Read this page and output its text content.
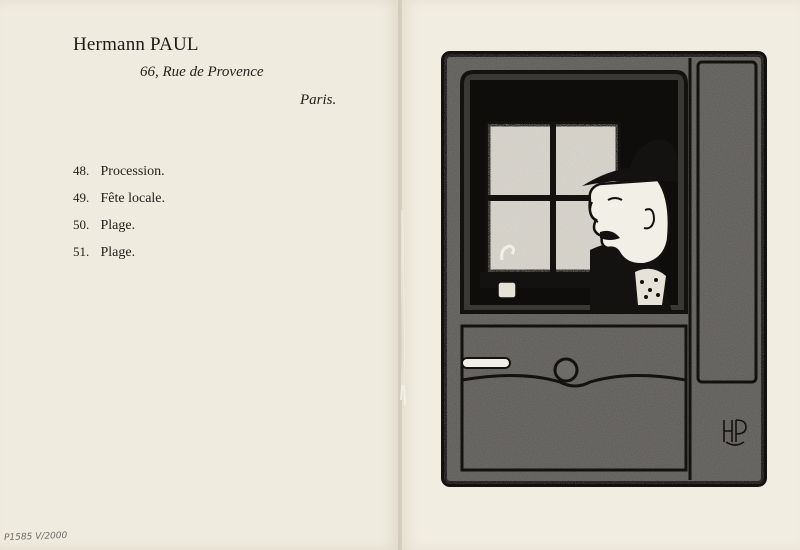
Hermann PAUL
66, Rue de Provence
Paris.
48. Procession.
49. Fête locale.
50. Plage.
51. Plage.
P1585 V/2000
